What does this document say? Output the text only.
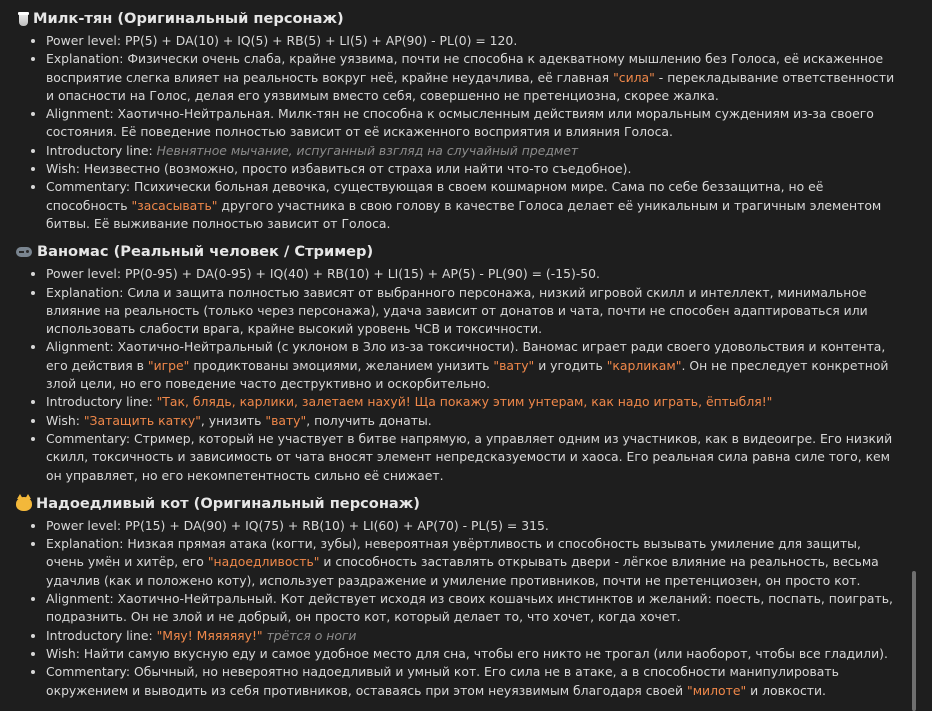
Милк-тян (Оригинальный персонаж)
• Power level: PP(5) + DA(10) + IQ(5) + RB(5) + LI(5) + AP(90) - PL(0) = 120.
• Explanation: Физически очень слаба, крайне уязвима, почти не способна к адекватному мышлению без Голоса, её искаженное восприятие слегка влияет на реальность вокруг неё, крайне неудачлива, её главная "сила" - перекладывание ответственности и опасности на Голос, делая его уязвимым вместо себя, совершенно не претенциозна, скорее жалка.
• Alignment: Хаотично-Нейтральная. Милк-тян не способна к осмысленным действиям или моральным суждениям из-за своего состояния. Её поведение полностью зависит от её искаженного восприятия и влияния Голоса.
• Introductory line: Невнятное мычание, испуганный взгляд на случайный предмет
• Wish: Неизвестно (возможно, просто избавиться от страха или найти что-то съедобное).
• Commentary: Психически больная девочка, существующая в своем кошмарном мире. Сама по себе беззащитна, но её способность "засасывать" другого участника в свою голову в качестве Голоса делает её уникальным и трагичным элементом битвы. Её выживание полностью зависит от Голоса.
Ваномас (Реальный человек / Стример)
• Power level: PP(0-95) + DA(0-95) + IQ(40) + RB(10) + LI(15) + AP(5) - PL(90) = (-15)-50.
• Explanation: Сила и защита полностью зависят от выбранного персонажа, низкий игровой скилл и интеллект, минимальное влияние на реальность (только через персонажа), удача зависит от донатов и чата, почти не способен адаптироваться или использовать слабости врага, крайне высокий уровень ЧСВ и токсичности.
• Alignment: Хаотично-Нейтральный (с уклоном в Зло из-за токсичности). Ваномас играет ради своего удовольствия и контента, его действия в "игре" продиктованы эмоциями, желанием унизить "вату" и угодить "карликам". Он не преследует конкретной злой цели, но его поведение часто деструктивно и оскорбительно.
• Introductory line: "Так, блядь, карлики, залетаем нахуй! Ща покажу этим унтерам, как надо играть, ёптыбля!"
• Wish: "Затащить катку", унизить "вату", получить донаты.
• Commentary: Стример, который не участвует в битве напрямую, а управляет одним из участников, как в видеоигре. Его низкий скилл, токсичность и зависимость от чата вносят элемент непредсказуемости и хаоса. Его реальная сила равна силе того, кем он управляет, но его некомпетентность сильно её снижает.
Надоедливый кот (Оригинальный персонаж)
• Power level: PP(15) + DA(90) + IQ(75) + RB(10) + LI(60) + AP(70) - PL(5) = 315.
• Explanation: Низкая прямая атака (когти, зубы), невероятная увёртливость и способность вызывать умиление для защиты, очень умён и хитёр, его "надоедливость" и способность заставлять открывать двери - лёгкое влияние на реальность, весьма удачлив (как и положено коту), использует раздражение и умиление противников, почти не претенциозен, он просто кот.
• Alignment: Хаотично-Нейтральный. Кот действует исходя из своих кошачьих инстинктов и желаний: поесть, поспать, поиграть, подразнить. Он не злой и не добрый, он просто кот, который делает то, что хочет, когда хочет.
• Introductory line: "Мяу! Мяяяяяу!" трётся о ноги
• Wish: Найти самую вкусную еду и самое удобное место для сна, чтобы его никто не трогал (или наоборот, чтобы все гладили).
• Commentary: Обычный, но невероятно надоедливый и умный кот. Его сила не в атаке, а в способности манипулировать окружением и выводить из себя противников, оставаясь при этом неуязвимым благодаря своей "милоте" и ловкости.
